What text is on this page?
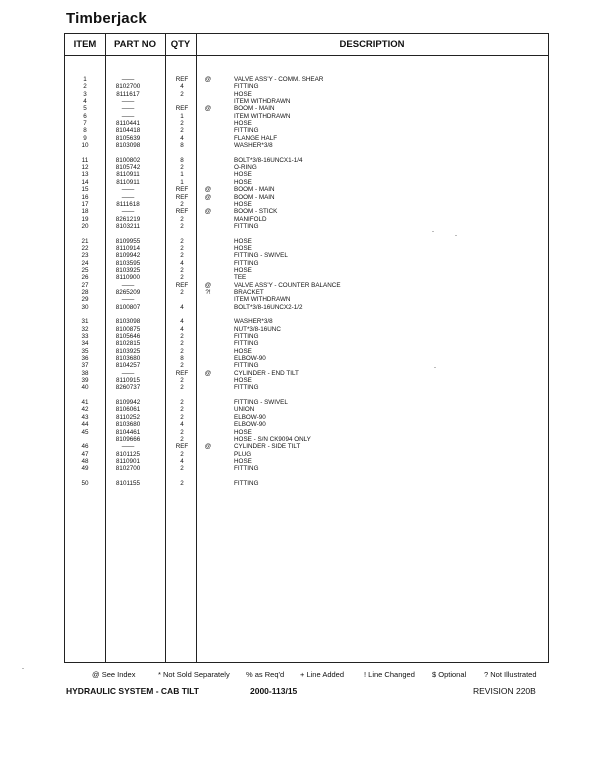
Timberjack
ITEM	PART NO	QTY	DESCRIPTION
1	——	REF	@	VALVE ASS'Y - COMM. SHEAR
2	8102700	4	FITTING
3	8111617	2	HOSE
4	——	ITEM WITHDRAWN
5	——	REF	@	BOOM - MAIN
6	——	1	ITEM WITHDRAWN
7	8110441	2	HOSE
8	8104418	2	FITTING
9	8105639	4	FLANGE HALF
10	8103098	8	WASHER*3/8
11	8100802	8	BOLT*3/8-16UNCX1-1/4
12	8105742	2	O-RING
13	8110911	1	HOSE
14	8110911	1	HOSE
15	——	REF	@	BOOM - MAIN
16	——	REF	@	BOOM - MAIN
17	8111618	2	HOSE
18	——	REF	@	BOOM - STICK
19	8261219	2	MANIFOLD
20	8103211	2	FITTING
21	8109955	2	HOSE
22	8110914	2	HOSE
23	8109942	2	FITTING - SWIVEL
24	8103595	4	FITTING
25	8103925	2	HOSE
26	8110900	2	TEE
27	——	REF	@	VALVE ASS'Y - COUNTER BALANCE
28	8265209	2	?!	BRACKET
29	——	ITEM WITHDRAWN
30	8100807	4	BOLT*3/8-16UNCX2-1/2
31	8103098	4	WASHER*3/8
32	8100875	4	NUT*3/8-16UNC
33	8105646	2	FITTING
34	8102815	2	FITTING
35	8103925	2	HOSE
36	8103680	8	ELBOW-90
37	8104257	2	FITTING
38	——	REF	@	CYLINDER - END TILT
39	8110915	2	HOSE
40	8260737	2	FITTING
41	8109942	2	FITTING - SWIVEL
42	8106061	2	UNION
43	8110252	2	ELBOW-90
44	8103680	4	ELBOW-90
45	8104461	2	HOSE
8109666	2	HOSE - S/N CK9094 ONLY
46	——	REF	@	CYLINDER - SIDE TILT
47	8101125	2	PLUG
48	8110901	4	HOSE
49	8102700	2	FITTING
50	8101155	2	FITTING
@ See Index	* Not Sold Separately % as Req'd + Line Added	! Line Changed $ Optional ? Not Illustrated
HYDRAULIC SYSTEM - CAB TILT	2000-113/15	REVISION 220B
